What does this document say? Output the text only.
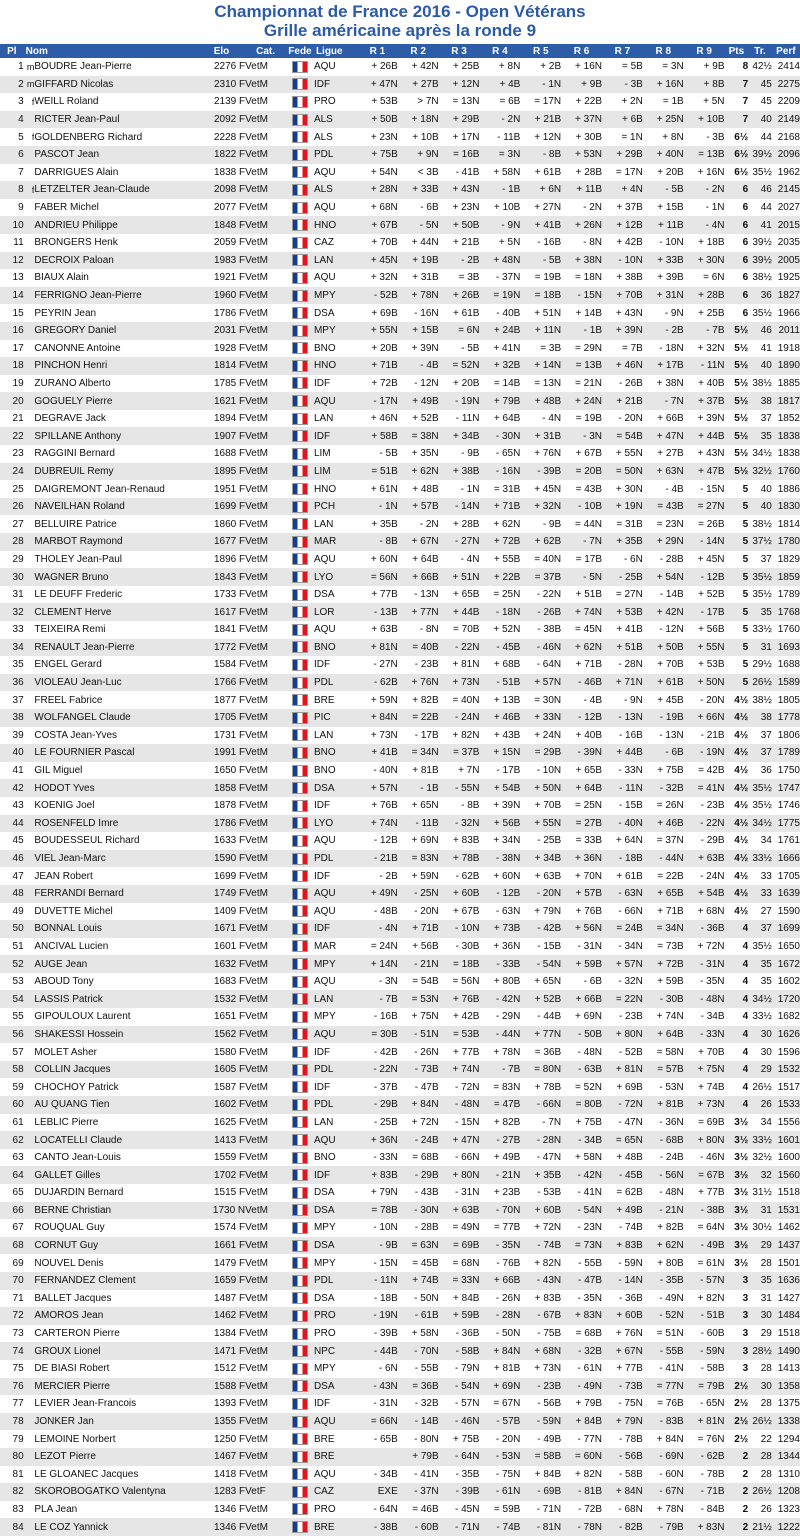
Championnat de France 2016 - Open Vétérans
Grille américaine après la ronde 9
Pl	Nom		Elo	Cat.	Fede	Ligue	R 1	R 2	R 3	R 4	R 5	R 6	R 7	R 8	R 9	Pts	Tr.	Perf
1	m	BOUDRE Jean-Pierre	2276 F	VetM		AQU	+ 26B	+ 42N	+ 25B	+ 8N	+ 2B	+ 16N	= 5B	= 3N	+ 9B	8	42½	2414
2	m	GIFFARD Nicolas	2310 F	VetM		IDF	+ 47N	+ 27B	+ 12N	+ 4B	- 1N	+ 9B	- 3B	+ 16N	+ 8B	7	45	2275
3	f	WEILL Roland	2139 F	VetM		PRO	+ 53B	> 7N	= 13N	= 6B	= 17N	+ 22B	+ 2N	= 1B	+ 5N	7	45	2209
4		RICTER Jean-Paul	2092 F	VetM		ALS	+ 50B	+ 18N	+ 29B	- 2N	+ 21B	+ 37N	+ 6B	+ 25N	+ 10B	7	40	2149
5	f	GOLDENBERG Richard	2228 F	VetM		ALS	+ 23N	+ 10B	+ 17N	- 11B	+ 12N	+ 30B	= 1N	+ 8N	- 3B	6½	44	2168
6		PASCOT Jean	1822 F	VetM		PDL	+ 75B	+ 9N	= 16B	= 3N	- 8B	+ 53N	+ 29B	+ 40N	= 13B	6½	39½	2096
7		DARRIGUES Alain	1838 F	VetM		AQU	+ 54N	< 3B	- 41B	+ 58N	+ 61B	+ 28B	= 17N	+ 20B	+ 16N	6½	35½	1962
8	f	LETZELTER Jean-Claude	2098 F	VetM		ALS	+ 28N	+ 33B	+ 43N	- 1B	+ 6N	+ 11B	+ 4N	- 5B	- 2N	6	46	2145
9		FABER Michel	2077 F	VetM		AQU	+ 68N	- 6B	+ 23N	+ 10B	+ 27N	- 2N	+ 37B	+ 15B	- 1N	6	44	2027
10		ANDRIEU Philippe	1848 F	VetM		HNO	+ 67B	- 5N	+ 50B	- 9N	+ 41B	+ 26N	+ 12B	+ 11B	- 4N	6	41	2015
11		BRONGERS Henk	2059 F	VetM		CAZ	+ 70B	+ 44N	+ 21B	+ 5N	- 16B	- 8N	+ 42B	- 10N	+ 18B	6	39½	2035
12		DECROIX Paloan	1983 F	VetM		LAN	+ 45N	+ 19B	- 2B	+ 48N	- 5B	+ 38N	- 10N	+ 33B	+ 30N	6	39½	2005
13		BIAUX Alain	1921 F	VetM		AQU	+ 32N	+ 31B	= 3B	- 37N	= 19B	= 18N	+ 38B	+ 39B	= 6N	6	38½	1925
14		FERRIGNO Jean-Pierre	1960 F	VetM		MPY	- 52B	+ 78N	+ 26B	= 19N	= 18B	- 15N	+ 70B	+ 31N	+ 28B	6	36	1827
15		PEYRIN Jean	1786 F	VetM		DSA	+ 69B	- 16N	+ 61B	- 40B	+ 51N	+ 14B	+ 43N	- 9N	+ 25B	6	35½	1966
16		GREGORY Daniel	2031 F	VetM		MPY	+ 55N	+ 15B	= 6N	+ 24B	+ 11N	- 1B	+ 39N	- 2B	- 7B	5½	46	2011
17		CANONNE Antoine	1928 F	VetM		BNO	+ 20B	+ 39N	- 5B	+ 41N	= 3B	= 29N	= 7B	- 18N	+ 32N	5½	41	1918
18		PINCHON Henri	1814 F	VetM		HNO	+ 71B	- 4B	= 52N	+ 32B	+ 14N	= 13B	+ 46N	+ 17B	- 11N	5½	40	1890
19		ZURANO Alberto	1785 F	VetM		IDF	+ 72B	- 12N	+ 20B	= 14B	= 13N	= 21N	- 26B	+ 38N	+ 40B	5½	38½	1885
20		GOGUELY Pierre	1621 F	VetM		AQU	- 17N	+ 49B	- 19N	+ 79B	+ 48B	+ 24N	+ 21B	- 7N	+ 37B	5½	38	1817
21		DEGRAVE Jack	1894 F	VetM		LAN	+ 46N	+ 52B	- 11N	+ 64B	- 4N	= 19B	- 20N	+ 66B	+ 39N	5½	37	1852
22		SPILLANE Anthony	1907 F	VetM		IDF	+ 58B	= 38N	+ 34B	- 30N	+ 31B	- 3N	= 54B	+ 47N	+ 44B	5½	35	1838
23		RAGGINI Bernard	1688 F	VetM		LIM	- 5B	+ 35N	- 9B	- 65N	+ 76N	+ 67B	+ 55N	+ 27B	+ 43N	5½	34½	1838
24		DUBREUIL Remy	1895 F	VetM		LIM	= 51B	+ 62N	+ 38B	- 16N	- 39B	= 20B	= 50N	+ 63N	+ 47B	5½	32½	1760
25		DAIGREMONT Jean-Renaud	1951 F	VetM		HNO	+ 61N	+ 48B	- 1N	= 31B	+ 45N	= 43B	+ 30N	- 4B	- 15N	5	40	1886
26		NAVEILHAN Roland	1699 F	VetM		PCH	- 1N	+ 57B	- 14N	+ 71B	+ 32N	- 10B	+ 19N	= 43B	= 27N	5	40	1830
27		BELLUIRE Patrice	1860 F	VetM		LAN	+ 35B	- 2N	+ 28B	+ 62N	- 9B	= 44N	= 31B	= 23N	= 26B	5	38½	1814
28		MARBOT Raymond	1677 F	VetM		MAR	- 8B	+ 67N	- 27N	+ 72B	+ 62B	- 7N	+ 35B	+ 29N	- 14N	5	37½	1780
29		THOLEY Jean-Paul	1896 F	VetM		AQU	+ 60N	+ 64B	- 4N	+ 55B	= 40N	= 17B	- 6N	- 28B	+ 45N	5	37	1829
30		WAGNER Bruno	1843 F	VetM		LYO	= 56N	+ 66B	+ 51N	+ 22B	= 37B	- 5N	- 25B	+ 54N	- 12B	5	35½	1859
31		LE DEUFF Frederic	1733 F	VetM		DSA	+ 77B	- 13N	+ 65B	= 25N	- 22N	+ 51B	= 27N	- 14B	+ 52B	5	35½	1789
32		CLEMENT Herve	1617 F	VetM		LOR	- 13B	+ 77N	+ 44B	- 18N	- 26B	+ 74N	+ 53B	+ 42N	- 17B	5	35	1768
33		TEIXEIRA Remi	1841 F	VetM		AQU	+ 63B	- 8N	= 70B	+ 52N	- 38B	= 45N	+ 41B	- 12N	+ 56B	5	33½	1760
34		RENAULT Jean-Pierre	1772 F	VetM		BNO	+ 81N	= 40B	- 22N	- 45B	- 46N	+ 62N	+ 51B	+ 50B	+ 55N	5	31	1693
35		ENGEL Gerard	1584 F	VetM		IDF	- 27N	- 23B	+ 81N	+ 68B	- 64N	+ 71B	- 28N	+ 70B	+ 53B	5	29½	1688
36		VIOLEAU Jean-Luc	1766 F	VetM		PDL	- 62B	+ 76N	+ 73N	- 51B	+ 57N	- 46B	+ 71N	+ 61B	+ 50N	5	26½	1589
37		FREEL Fabrice	1877 F	VetM		BRE	+ 59N	+ 82B	= 40N	+ 13B	= 30N	- 4B	- 9N	+ 45B	- 20N	4½	38½	1805
38		WOLFANGEL Claude	1705 F	VetM		PIC	+ 84N	= 22B	- 24N	+ 46B	+ 33N	- 12B	- 13N	- 19B	+ 66N	4½	38	1778
39		COSTA Jean-Yves	1731 F	VetM		LAN	+ 73N	- 17B	+ 82N	+ 43B	+ 24N	+ 40B	- 16B	- 13N	- 21B	4½	37	1806
40		LE FOURNIER Pascal	1991 F	VetM		BNO	+ 41B	= 34N	= 37B	+ 15N	= 29B	- 39N	+ 44B	- 6B	- 19N	4½	37	1789
41		GIL Miguel	1650 F	VetM		BNO	- 40N	+ 81B	+ 7N	- 17B	- 10N	+ 65B	- 33N	+ 75B	= 42B	4½	36	1750
42		HODOT Yves	1858 F	VetM		DSA	+ 57N	- 1B	- 55N	+ 54B	+ 50N	+ 64B	- 11N	- 32B	= 41N	4½	35½	1747
43		KOENIG Joel	1878 F	VetM		IDF	+ 76B	+ 65N	- 8B	+ 39N	+ 70B	= 25N	- 15B	= 26N	- 23B	4½	35½	1746
44		ROSENFELD Imre	1786 F	VetM		LYO	+ 74N	- 11B	- 32N	+ 56B	+ 55N	= 27B	- 40N	+ 46B	- 22N	4½	34½	1775
45		BOUDESSEUL Richard	1633 F	VetM		AQU	- 12B	+ 69N	+ 83B	+ 34N	- 25B	= 33B	+ 64N	= 37N	- 29B	4½	34	1761
46		VIEL Jean-Marc	1590 F	VetM		PDL	- 21B	= 83N	+ 78B	- 38N	+ 34B	+ 36N	- 18B	- 44N	+ 63B	4½	33½	1666
47		JEAN Robert	1699 F	VetM		IDF	- 2B	+ 59N	- 62B	+ 60N	+ 63B	+ 70N	+ 61B	= 22B	- 24N	4½	33	1705
48		FERRANDI Bernard	1749 F	VetM		AQU	+ 49N	- 25N	+ 60B	- 12B	- 20N	+ 57B	- 63N	+ 65B	+ 54B	4½	33	1639
49		DUVETTE Michel	1409 F	VetM		AQU	- 48B	- 20N	+ 67B	- 63N	+ 79N	+ 76B	- 66N	+ 71B	+ 68N	4½	27	1590
50		BONNAL Louis	1671 F	VetM		IDF	- 4N	+ 71B	- 10N	+ 73B	- 42B	+ 56N	= 24B	= 34N	- 36B	4	37	1699
51		ANCIVAL Lucien	1601 F	VetM		MAR	= 24N	+ 56B	- 30B	+ 36N	- 15B	- 31N	- 34N	= 73B	+ 72N	4	35½	1650
52		AUGE Jean	1632 F	VetM		MPY	+ 14N	- 21N	= 18B	- 33B	- 54N	+ 59B	+ 57N	+ 72B	- 31N	4	35	1672
53		ABOUD Tony	1683 F	VetM		AQU	- 3N	= 54B	= 56N	+ 80B	+ 65N	- 6B	- 32N	+ 59B	- 35N	4	35	1602
54		LASSIS Patrick	1532 F	VetM		LAN	- 7B	= 53N	+ 76B	- 42N	+ 52B	+ 66B	= 22N	- 30B	- 48N	4	34½	1720
55		GIPOULOUX Laurent	1651 F	VetM		MPY	- 16B	+ 75N	+ 42B	- 29N	- 44B	+ 69N	- 23B	+ 74N	- 34B	4	33½	1682
56		SHAKESSI Hossein	1562 F	VetM		AQU	= 30B	- 51N	= 53B	- 44N	+ 77N	- 50B	+ 80N	+ 64B	- 33N	4	30	1626
57		MOLET Asher	1580 F	VetM		IDF	- 42B	- 26N	+ 77B	+ 78N	= 36B	- 48N	- 52B	= 58N	+ 70B	4	30	1596
58		COLLIN Jacques	1605 F	VetM		PDL	- 22N	- 73B	+ 74N	- 7B	= 80N	- 63B	+ 81N	= 57B	+ 75N	4	29	1532
59		CHOCHOY Patrick	1587 F	VetM		IDF	- 37B	- 47B	- 72N	= 83N	+ 78B	= 52N	+ 69B	- 53N	+ 74B	4	26½	1517
60		AU QUANG Tien	1602 F	VetM		PDL	- 29B	+ 84N	- 48N	= 47B	- 66N	= 80B	- 72N	+ 81B	+ 73N	4	26	1533
61		LEBLIC Pierre	1625 F	VetM		LAN	- 25B	+ 72N	- 15N	+ 82B	- 7N	+ 75B	- 47N	- 36N	= 69B	3½	34	1556
62		LOCATELLI Claude	1413 F	VetM		AQU	+ 36N	- 24B	+ 47N	- 27B	- 28N	- 34B	= 65N	- 68B	+ 80N	3½	33½	1601
63		CANTO Jean-Louis	1559 F	VetM		BNO	- 33N	= 68B	- 66N	+ 49B	- 47N	+ 58N	+ 48B	- 24B	- 46N	3½	32½	1600
64		GALLET Gilles	1702 F	VetM		IDF	+ 83B	- 29B	+ 80N	- 21N	+ 35B	- 42N	- 45B	- 56N	= 67B	3½	32	1560
65		DUJARDIN Bernard	1515 F	VetM		DSA	+ 79N	- 43B	- 31N	+ 23B	- 53B	- 41N	= 62B	- 48N	+ 77B	3½	31½	1518
66		BERNE Christian	1730 N	VetM		DSA	= 78B	- 30N	+ 63B	- 70N	+ 60B	- 54N	+ 49B	- 21N	- 38B	3½	31	1531
67		ROUQUAL Guy	1574 F	VetM		MPY	- 10N	- 28B	= 49N	= 77B	+ 72N	- 23N	- 74B	+ 82B	= 64N	3½	30½	1462
68		CORNUT Guy	1661 F	VetM		DSA	- 9B	= 63N	= 69B	- 35N	- 74B	= 73N	+ 83B	+ 62N	- 49B	3½	29	1437
69		NOUVEL Denis	1479 F	VetM		MPY	- 15N	= 45B	= 68N	- 76B	+ 82N	- 55B	- 59N	+ 80B	= 61N	3½	28	1501
70		FERNANDEZ Clement	1659 F	VetM		PDL	- 11N	+ 74B	= 33N	+ 66B	- 43N	- 47B	- 14N	- 35B	- 57N	3	35	1636
71		BALLET Jacques	1487 F	VetM		DSA	- 18B	- 50N	+ 84B	- 26N	+ 83B	- 35N	- 36B	- 49N	+ 82N	3	31	1427
72		AMOROS Jean	1462 F	VetM		PRO	- 19N	- 61B	+ 59B	- 28N	- 67B	+ 83N	+ 60B	- 52N	- 51B	3	30	1484
73		CARTERON Pierre	1384 F	VetM		PRO	- 39B	+ 58N	- 36B	- 50N	- 75B	= 68B	+ 76N	= 51N	- 60B	3	29	1518
74		GROUX Lionel	1471 F	VetM		NPC	- 44B	- 70N	- 58B	+ 84N	+ 68N	- 32B	+ 67N	- 55B	- 59N	3	28½	1490
75		DE BIASI Robert	1512 F	VetM		MPY	- 6N	- 55B	- 79N	+ 81B	+ 73N	- 61N	+ 77B	- 41N	- 58B	3	28	1413
76		MERCIER Pierre	1588 F	VetM		DSA	- 43N	= 36B	- 54N	+ 69N	- 23B	- 49N	- 73B	= 77N	= 79B	2½	30	1358
77		LEVIER Jean-Francois	1393 F	VetM		IDF	- 31N	- 32B	- 57N	= 67N	- 56B	+ 79B	- 75N	= 76B	- 65N	2½	28	1375
78		JONKER Jan	1355 F	VetM		AQU	= 66N	- 14B	- 46N	- 57B	- 59N	+ 84B	+ 79N	- 83B	+ 81N	2½	26½	1338
79		LEMOINE Norbert	1250 F	VetM		BRE	- 65B	- 80N	+ 75B	- 20N	- 49B	- 77N	- 78B	+ 84N	= 76N	2½	22	1294
80		LEZOT Pierre	1467 F	VetM		BRE		+ 79B	- 64N	- 53N	= 58B	= 60N	- 56B	- 69N	- 62B	2	28	1344
81		LE GLOANEC Jacques	1418 F	VetM		AQU	- 34B	- 41N	- 35B	- 75N	+ 84B	+ 82N	- 58B	- 60N	- 78B	2	28	1310
82		SKOROBOGATKO Valentyna	1283 F	VetF		CAZ	EXE	- 37N	- 39B	- 61N	- 69B	- 81B	+ 84N	- 67N	- 71B	2	26½	1208
83		PLA Jean	1346 F	VetM		PRO	- 64N	= 46B	- 45N	= 59B	- 71N	- 72B	- 68N	+ 78N	- 84B	2	26	1323
84		LE COZ Yannick	1346 F	VetM		BRE	- 38B	- 60B	- 71N	- 74B	- 81N	- 78N	- 82B	- 79B	+ 83N	2	21½	1222
